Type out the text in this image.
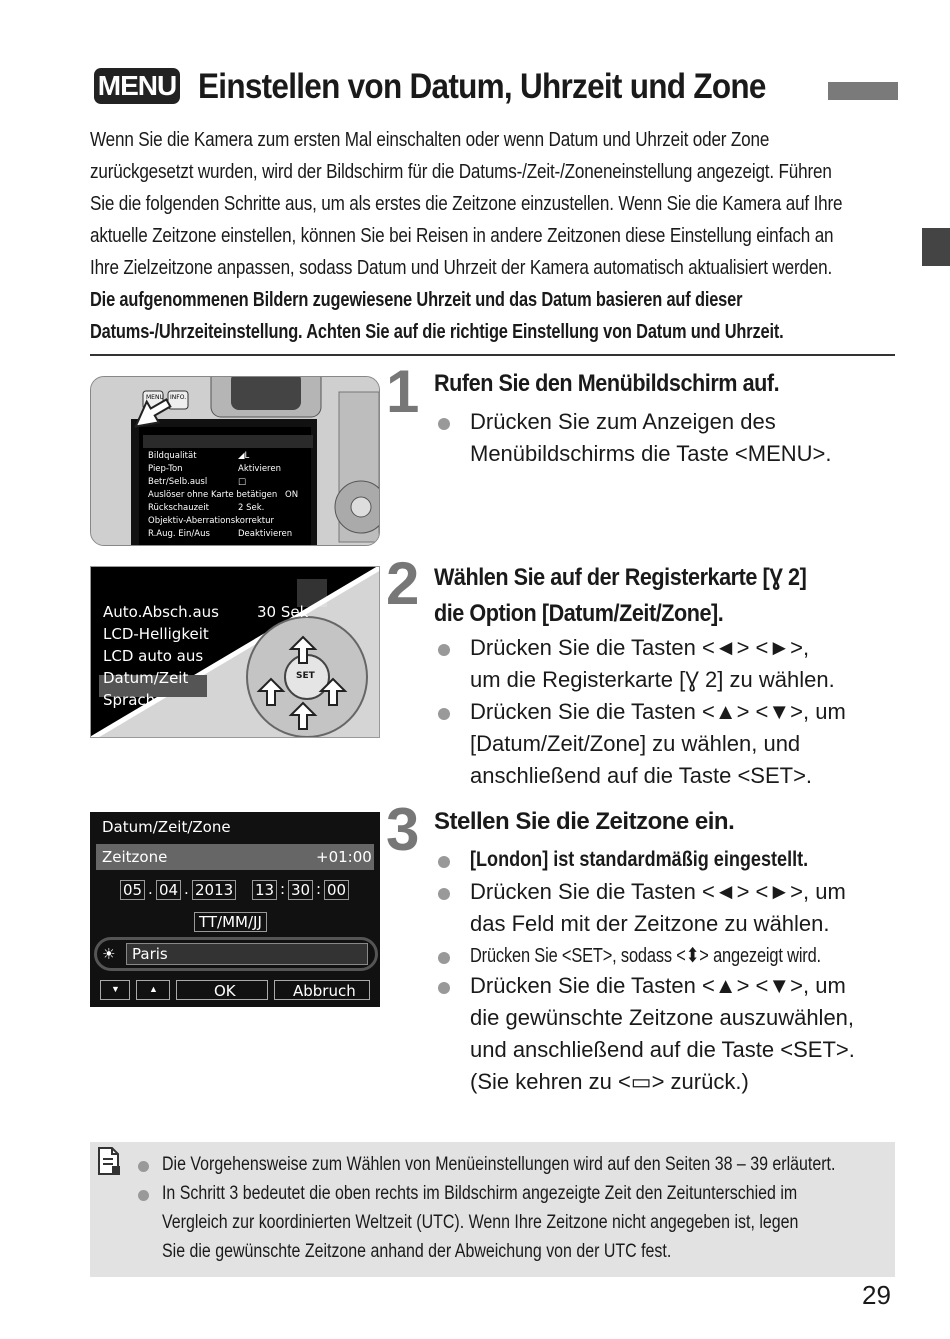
MENU Einstellen von Datum, Uhrzeit und Zone

Wenn Sie die Kamera zum ersten Mal einschalten oder wenn Datum und Uhrzeit oder Zone

zurückgesetzt wurden, wird der Bildschirm für die Datums-/Zeit-/Zoneneinstellung angezeigt. Führen

Sie die folgenden Schritte aus, um als erstes die Zeitzone einzustellen. Wenn Sie die Kamera auf Ihre

aktuelle Zeitzone einstellen, können Sie bei Reisen in andere Zeitzonen diese Einstellung einfach an

Ihre Zielzeitzone anpassen, sodass Datum und Uhrzeit der Kamera automatisch aktualisiert werden.

Die aufgenommenen Bildern zugewiesene Uhrzeit und das Datum basieren auf dieser

Datums-/Uhrzeiteinstellung. Achten Sie auf die richtige Einstellung von Datum und Uhrzeit.

MENU INFO.
Bildqualität	◢L
Piep-Ton	Aktivieren
Betr/Selb.ausl	□
Auslöser ohne Karte betätigen ON
Rückschauzeit	2 Sek.
Objektiv-Aberrationskorrektur
R.Aug. Ein/Aus	Deaktivieren
Auto.Absch.aus	30 Sek
LCD-Helligkeit
LCD auto aus
Datum/Zeit
Sprach
SET
Datum/Zeit/Zone
Zeitzone	+01:00
05 . 04 . 2013 13 : 30 : 00
TT/MM/JJ
☀ Paris
▼	▲	OK	Abbruch
1
2
3
Rufen Sie den Menübildschirm auf.
Drücken Sie zum Anzeigen des
Menübildschirms die Taste <MENU>.
Wählen Sie auf der Registerkarte [Ɣ 2]
die Option [Datum/Zeit/Zone].
Drücken Sie die Tasten <◄> <►>,
um die Registerkarte [Ɣ 2] zu wählen.
Drücken Sie die Tasten <▲> <▼>, um
[Datum/Zeit/Zone] zu wählen, und
anschließend auf die Taste <SET>.
Stellen Sie die Zeitzone ein.
[London] ist standardmäßig eingestellt.
Drücken Sie die Tasten <◄> <►>, um
das Feld mit der Zeitzone zu wählen.
Drücken Sie <SET>, sodass <⬍> angezeigt wird.
Drücken Sie die Tasten <▲> <▼>, um
die gewünschte Zeitzone auszuwählen,
und anschließend auf die Taste <SET>.
(Sie kehren zu <▭> zurück.)
Die Vorgehensweise zum Wählen von Menüeinstellungen wird auf den Seiten 38 – 39 erläutert.
In Schritt 3 bedeutet die oben rechts im Bildschirm angezeigte Zeit den Zeitunterschied im
Vergleich zur koordinierten Weltzeit (UTC). Wenn Ihre Zeitzone nicht angegeben ist, legen
Sie die gewünschte Zeitzone anhand der Abweichung von der UTC fest.
29
